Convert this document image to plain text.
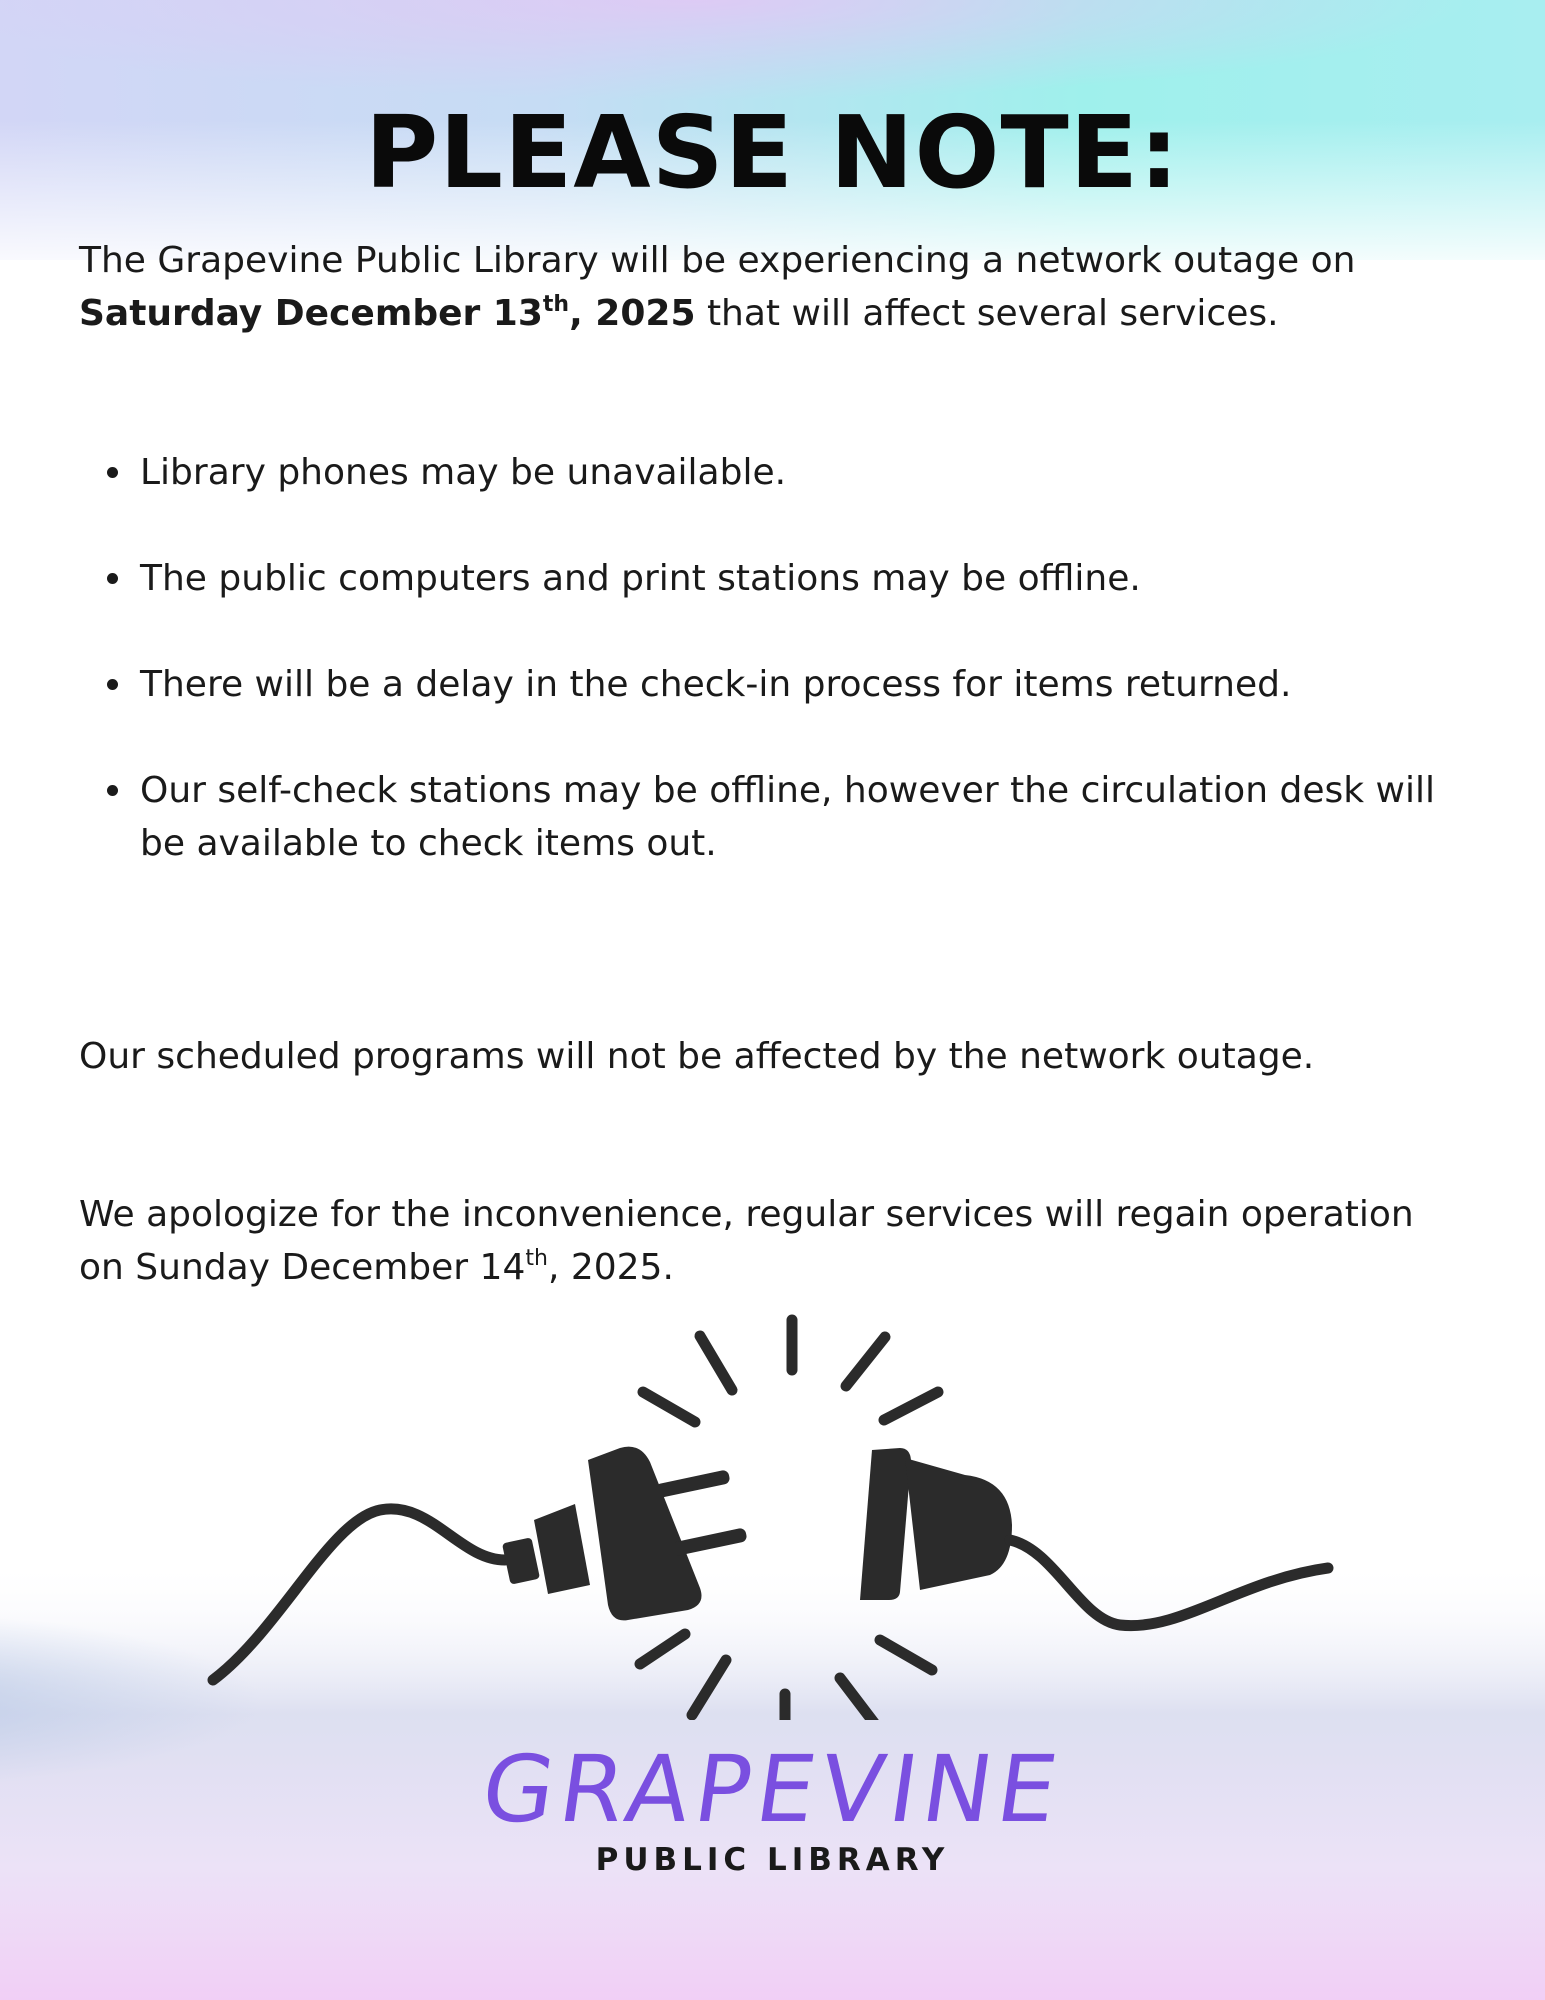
PLEASE NOTE:

The Grapevine Public Library will be experiencing a network outage on Saturday December 13th, 2025 that will affect several services.

Library phones may be unavailable.
The public computers and print stations may be offline.
There will be a delay in the check-in process for items returned.
Our self-check stations may be offline, however the circulation desk will be available to check items out.

Our scheduled programs will not be affected by the network outage.

We apologize for the inconvenience, regular services will regain operation on Sunday December 14th, 2025.

GRAPEVINE
PUBLIC LIBRARY
